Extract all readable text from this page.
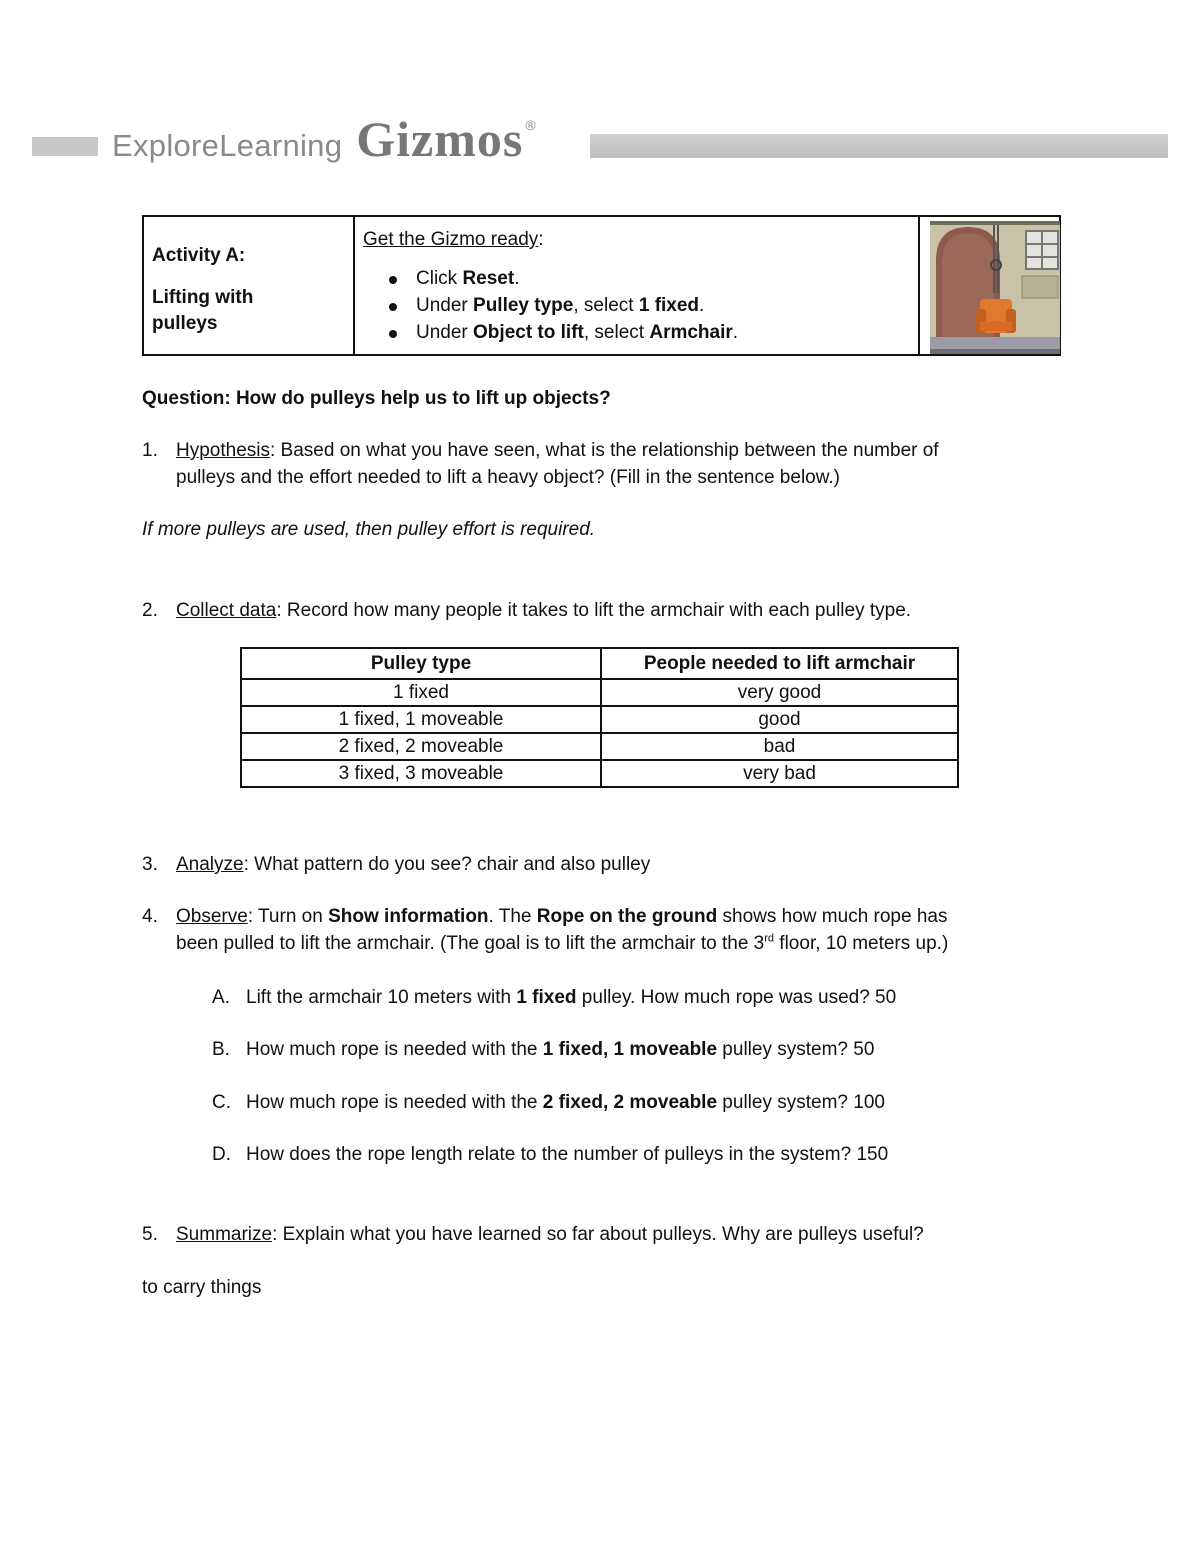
ExploreLearning Gizmos ®
Activity A:
Lifting with pulleys
Get the Gizmo ready:
Click Reset.
Under Pulley type, select 1 fixed.
Under Object to lift, select Armchair.
Question: How do pulleys help us to lift up objects?
1. Hypothesis: Based on what you have seen, what is the relationship between the number of
pulleys and the effort needed to lift a heavy object? (Fill in the sentence below.)
If more pulleys are used, then pulley effort is required.
2. Collect data: Record how many people it takes to lift the armchair with each pulley type.
Pulley type	People needed to lift armchair
1 fixed	very good
1 fixed, 1 moveable	good
2 fixed, 2 moveable	bad
3 fixed, 3 moveable	very bad
3. Analyze: What pattern do you see? chair and also pulley
4. Observe: Turn on Show information. The Rope on the ground shows how much rope has
been pulled to lift the armchair. (The goal is to lift the armchair to the 3rd floor, 10 meters up.)
A. Lift the armchair 10 meters with 1 fixed pulley. How much rope was used? 50
B. How much rope is needed with the 1 fixed, 1 moveable pulley system? 50
C. How much rope is needed with the 2 fixed, 2 moveable pulley system? 100
D. How does the rope length relate to the number of pulleys in the system? 150
5. Summarize: Explain what you have learned so far about pulleys. Why are pulleys useful?
to carry things
